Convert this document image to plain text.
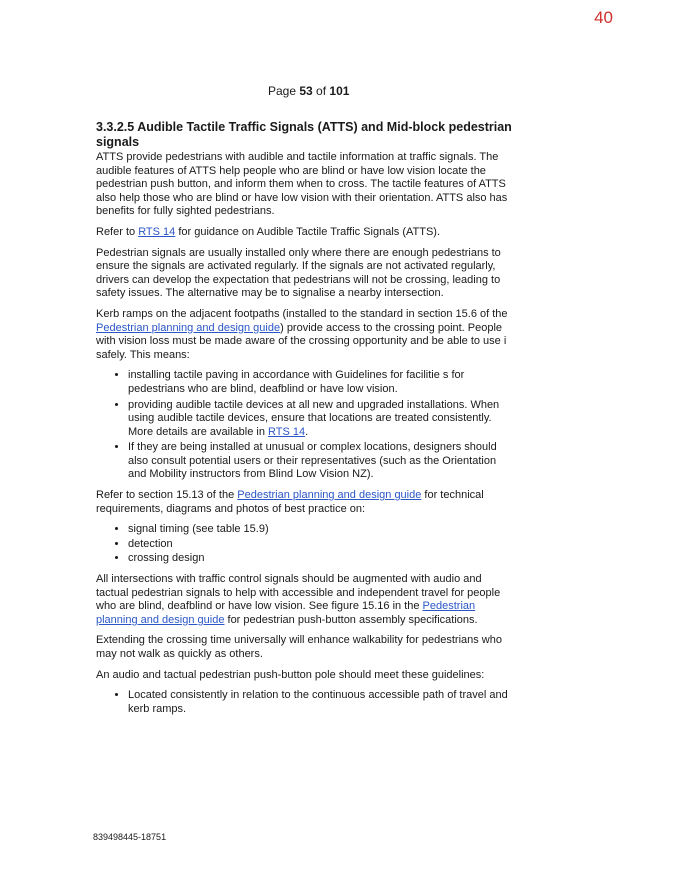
40
Page 53 of 101
3.3.2.5 Audible Tactile Traffic Signals (ATTS) and Mid-block pedestrian signals

ATTS provide pedestrians with audible and tactile information at traffic signals. The audible features of ATTS help people who are blind or have low vision locate the pedestrian push button, and inform them when to cross. The tactile features of ATTS also help those who are blind or have low vision with their orientation. ATTS also has benefits for fully sighted pedestrians.

Refer to RTS 14 for guidance on Audible Tactile Traffic Signals (ATTS).

Pedestrian signals are usually installed only where there are enough pedestrians to ensure the signals are activated regularly. If the signals are not activated regularly, drivers can develop the expectation that pedestrians will not be crossing, leading to safety issues. The alternative may be to signalise a nearby intersection.

Kerb ramps on the adjacent footpaths (installed to the standard in section 15.6 of the Pedestrian planning and design guide) provide access to the crossing point. People with vision loss must be made aware of the crossing opportunity and be able to use i safely. This means:

• installing tactile paving in accordance with Guidelines for facilitie s for pedestrians who are blind, deafblind or have low vision.
• providing audible tactile devices at all new and upgraded installations. When using audible tactile devices, ensure that locations are treated consistently. More details are available in RTS 14.
• If they are being installed at unusual or complex locations, designers should also consult potential users or their representatives (such as the Orientation and Mobility instructors from Blind Low Vision NZ).

Refer to section 15.13 of the Pedestrian planning and design guide for technical requirements, diagrams and photos of best practice on:

• signal timing (see table 15.9)
• detection
• crossing design

All intersections with traffic control signals should be augmented with audio and tactual pedestrian signals to help with accessible and independent travel for people who are blind, deafblind or have low vision. See figure 15.16 in the Pedestrian planning and design guide for pedestrian push-button assembly specifications.

Extending the crossing time universally will enhance walkability for pedestrians who may not walk as quickly as others.

An audio and tactual pedestrian push-button pole should meet these guidelines:

• Located consistently in relation to the continuous accessible path of travel and kerb ramps.
839498445-18751
